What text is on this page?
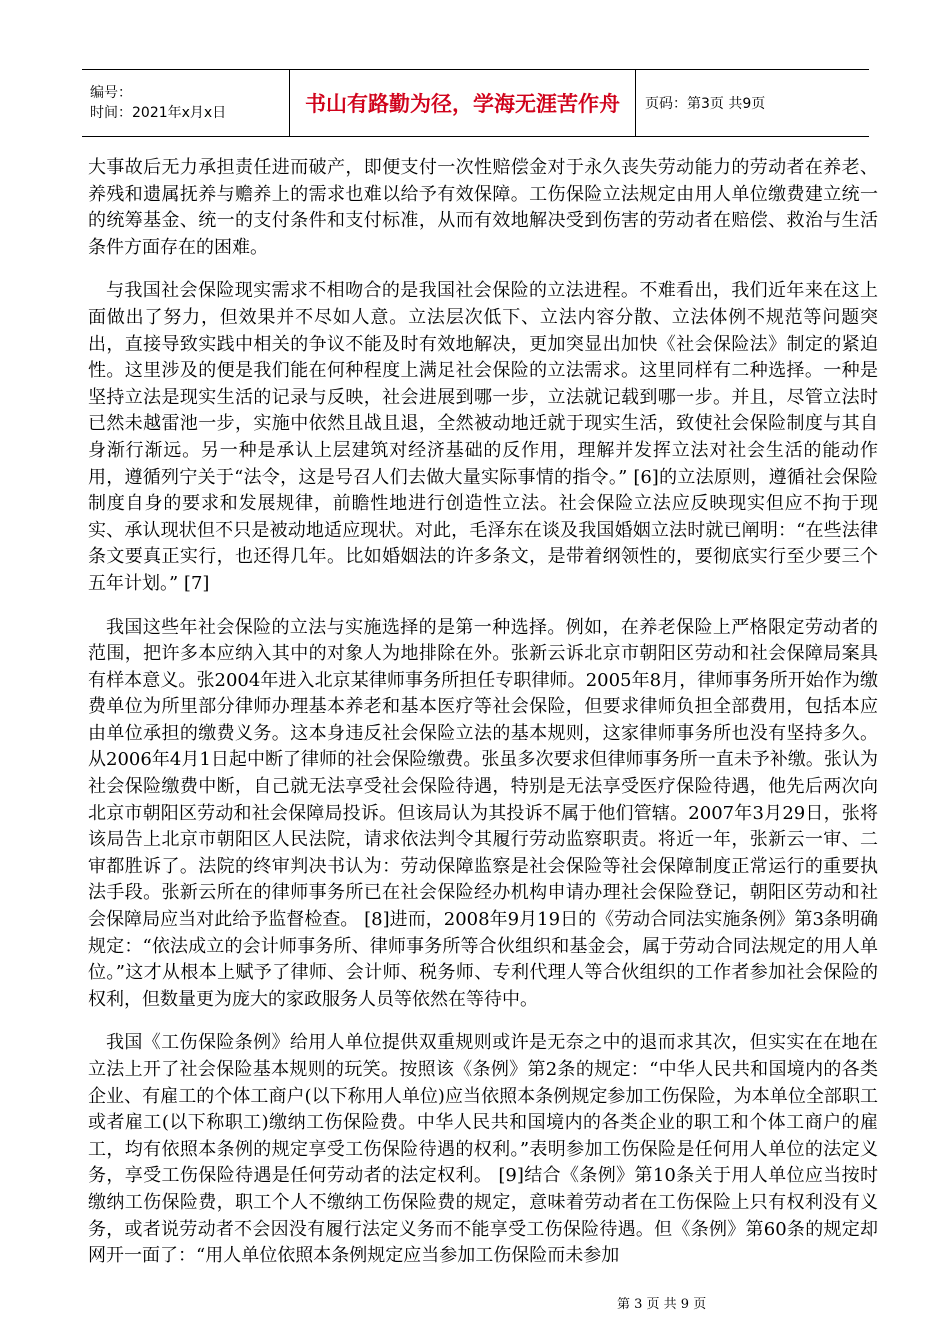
编号：
时间：2021年x月x日	书山有路勤为径，学海无涯苦作舟	页码：第3页 共9页

大事故后无力承担责任进而破产，即便支付一次性赔偿金对于永久丧失劳动能力的劳动者在养老、养残和遗属抚养与赡养上的需求也难以给予有效保障。工伤保险立法规定由用人单位缴费建立统一的统筹基金、统一的支付条件和支付标准，从而有效地解决受到伤害的劳动者在赔偿、救治与生活条件方面存在的困难。

与我国社会保险现实需求不相吻合的是我国社会保险的立法进程。不难看出，我们近年来在这上面做出了努力，但效果并不尽如人意。立法层次低下、立法内容分散、立法体例不规范等问题突出，直接导致实践中相关的争议不能及时有效地解决，更加突显出加快《社会保险法》制定的紧迫性。这里涉及的便是我们能在何种程度上满足社会保险的立法需求。这里同样有二种选择。一种是坚持立法是现实生活的记录与反映，社会进展到哪一步，立法就记载到哪一步。并且，尽管立法时已然未越雷池一步，实施中依然且战且退，全然被动地迁就于现实生活，致使社会保险制度与其自身渐行渐远。另一种是承认上层建筑对经济基础的反作用，理解并发挥立法对社会生活的能动作用，遵循列宁关于“法令，这是号召人们去做大量实际事情的指令。” [6]的立法原则，遵循社会保险制度自身的要求和发展规律，前瞻性地进行创造性立法。社会保险立法应反映现实但应不拘于现实、承认现状但不只是被动地适应现状。对此，毛泽东在谈及我国婚姻立法时就已阐明：“在些法律条文要真正实行，也还得几年。比如婚姻法的许多条文，是带着纲领性的，要彻底实行至少要三个五年计划。” [7]

我国这些年社会保险的立法与实施选择的是第一种选择。例如，在养老保险上严格限定劳动者的范围，把许多本应纳入其中的对象人为地排除在外。张新云诉北京市朝阳区劳动和社会保障局案具有样本意义。张2004年进入北京某律师事务所担任专职律师。2005年8月，律师事务所开始作为缴费单位为所里部分律师办理基本养老和基本医疗等社会保险，但要求律师负担全部费用，包括本应由单位承担的缴费义务。这本身违反社会保险立法的基本规则，这家律师事务所也没有坚持多久。从2006年4月1日起中断了律师的社会保险缴费。张虽多次要求但律师事务所一直未予补缴。张认为社会保险缴费中断，自己就无法享受社会保险待遇，特别是无法享受医疗保险待遇，他先后两次向北京市朝阳区劳动和社会保障局投诉。但该局认为其投诉不属于他们管辖。2007年3月29日，张将该局告上北京市朝阳区人民法院，请求依法判令其履行劳动监察职责。将近一年，张新云一审、二审都胜诉了。法院的终审判决书认为：劳动保障监察是社会保险等社会保障制度正常运行的重要执法手段。张新云所在的律师事务所已在社会保险经办机构申请办理社会保险登记，朝阳区劳动和社会保障局应当对此给予监督检查。 [8]进而，2008年9月19日的《劳动合同法实施条例》第3条明确规定：“依法成立的会计师事务所、律师事务所等合伙组织和基金会，属于劳动合同法规定的用人单位。”这才从根本上赋予了律师、会计师、税务师、专利代理人等合伙组织的工作者参加社会保险的权利，但数量更为庞大的家政服务人员等依然在等待中。

我国《工伤保险条例》给用人单位提供双重规则或许是无奈之中的退而求其次，但实实在在地在立法上开了社会保险基本规则的玩笑。按照该《条例》第2条的规定：“中华人民共和国境内的各类企业、有雇工的个体工商户(以下称用人单位)应当依照本条例规定参加工伤保险，为本单位全部职工或者雇工(以下称职工)缴纳工伤保险费。中华人民共和国境内的各类企业的职工和个体工商户的雇工，均有依照本条例的规定享受工伤保险待遇的权利。”表明参加工伤保险是任何用人单位的法定义务，享受工伤保险待遇是任何劳动者的法定权利。 [9]结合《条例》第10条关于用人单位应当按时缴纳工伤保险费，职工个人不缴纳工伤保险费的规定，意味着劳动者在工伤保险上只有权利没有义务，或者说劳动者不会因没有履行法定义务而不能享受工伤保险待遇。但《条例》第60条的规定却网开一面了：“用人单位依照本条例规定应当参加工伤保险而未参加

第 3 页 共 9 页
